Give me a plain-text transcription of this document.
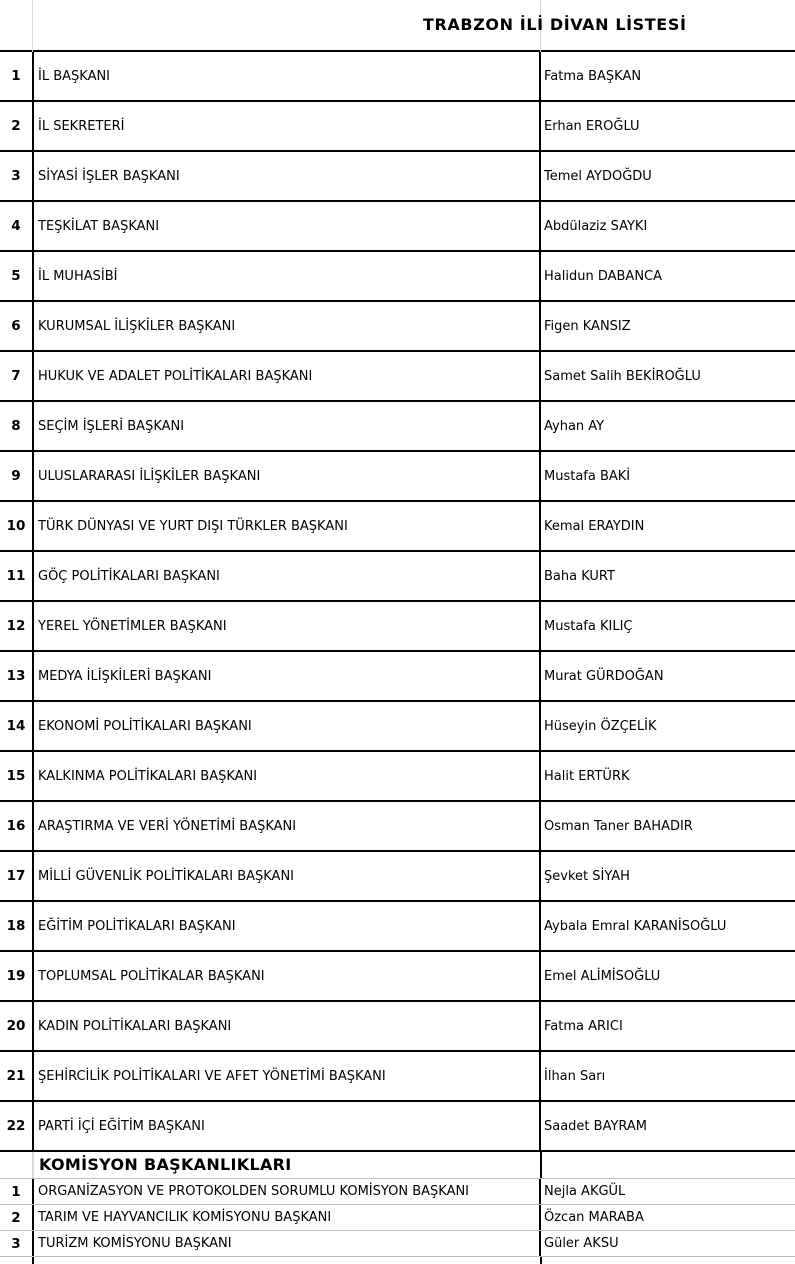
TRABZON İLİ DİVAN LİSTESİ
1	İL BAŞKANI	Fatma BAŞKAN
2	İL SEKRETERİ	Erhan EROĞLU
3	SİYASİ İŞLER BAŞKANI	Temel AYDOĞDU
4	TEŞKİLAT BAŞKANI	Abdülaziz SAYKI
5	İL MUHASİBİ	Halidun DABANCA
6	KURUMSAL İLİŞKİLER BAŞKANI	Figen KANSIZ
7	HUKUK VE ADALET POLİTİKALARI BAŞKANI	Samet Salih BEKİROĞLU
8	SEÇİM İŞLERİ BAŞKANI	Ayhan AY
9	ULUSLARARASI İLİŞKİLER BAŞKANI	Mustafa BAKİ
10 TÜRK DÜNYASI VE YURT DIŞI TÜRKLER BAŞKANI	Kemal ERAYDIN
11 GÖÇ POLİTİKALARI BAŞKANI	Baha KURT
12 YEREL YÖNETİMLER BAŞKANI	Mustafa KILIÇ
13 MEDYA İLİŞKİLERİ BAŞKANI	Murat GÜRDOĞAN
14 EKONOMİ POLİTİKALARI BAŞKANI	Hüseyin ÖZÇELİK
15 KALKINMA POLİTİKALARI BAŞKANI	Halit ERTÜRK
16 ARAŞTIRMA VE VERİ YÖNETİMİ BAŞKANI	Osman Taner BAHADIR
17 MİLLİ GÜVENLİK POLİTİKALARI BAŞKANI	Şevket SİYAH
18 EĞİTİM POLİTİKALARI BAŞKANI	Aybala Emral KARANİSOĞLU
19 TOPLUMSAL POLİTİKALAR BAŞKANI	Emel ALİMİSOĞLU
20 KADIN POLİTİKALARI BAŞKANI	Fatma ARICI
21 ŞEHİRCİLİK POLİTİKALARI VE AFET YÖNETİMİ BAŞKANI	İlhan Sarı
22 PARTİ İÇİ EĞİTİM BAŞKANI	Saadet BAYRAM
KOMİSYON BAŞKANLIKLARI
1	ORGANİZASYON VE PROTOKOLDEN SORUMLU KOMİSYON BAŞKANI	Nejla AKGÜL
2	TARIM VE HAYVANCILIK KOMİSYONU BAŞKANI	Özcan MARABA
3	TURİZM KOMİSYONU BAŞKANI	Güler AKSU
